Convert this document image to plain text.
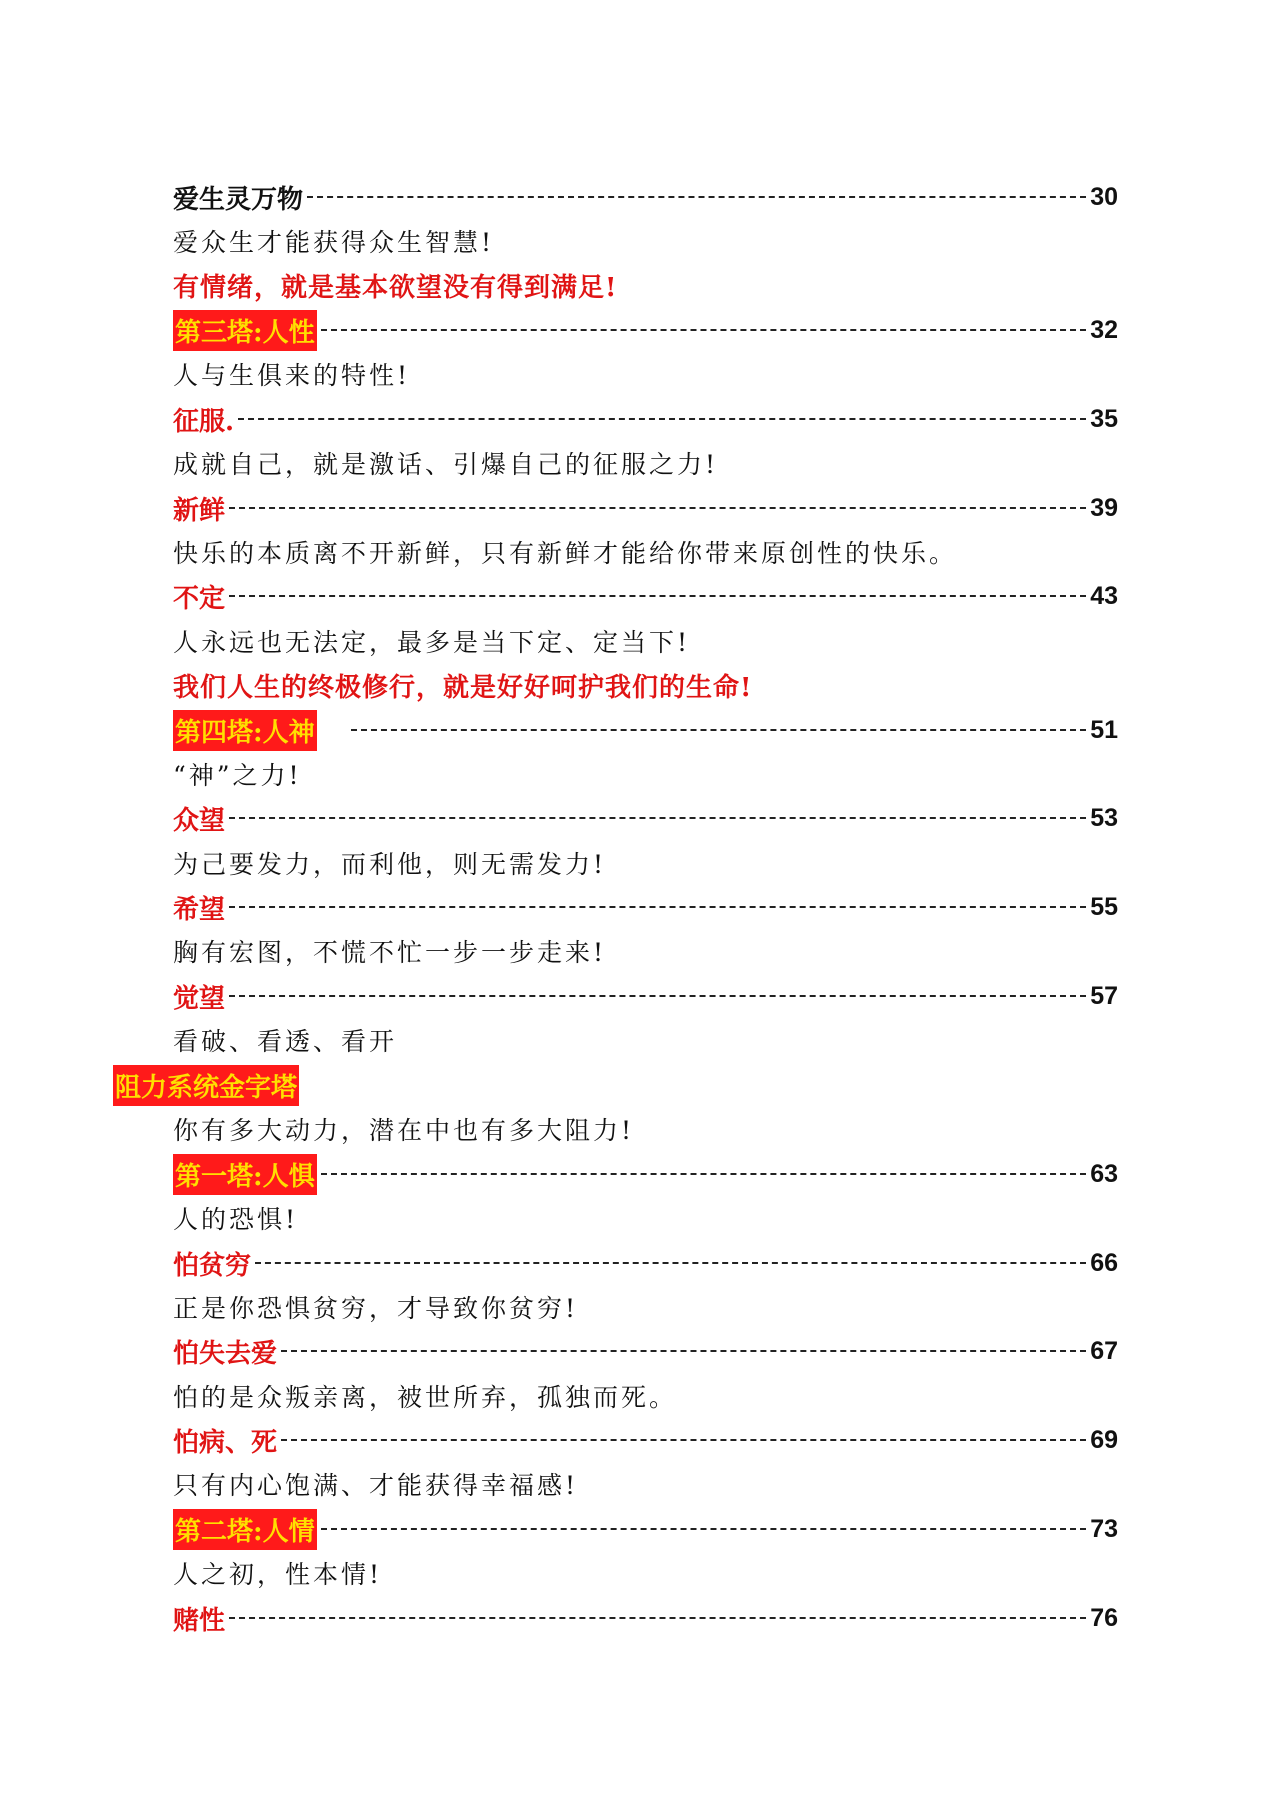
爱生灵万物	30
爱众生才能获得众生智慧!
有情绪，就是基本欲望没有得到满足!
第三塔:人性	32
人与生俱来的特性!
征服.	35
成就自己，就是激话、引爆自己的征服之力!
新鲜	39
快乐的本质离不开新鲜，只有新鲜才能给你带来原创性的快乐。
不定	43
人永远也无法定，最多是当下定、定当下!
我们人生的终极修行，就是好好呵护我们的生命!
第四塔:人神	51
“神”之力!
众望	53
为己要发力，而利他，则无需发力!
希望	55
胸有宏图，不慌不忙一步一步走来!
觉望	57
看破、看透、看开
阻力系统金字塔
你有多大动力，潜在中也有多大阻力!
第一塔:人惧	63
人的恐惧!
怕贫穷	66
正是你恐惧贫穷，才导致你贫穷!
怕失去爱	67
怕的是众叛亲离，被世所弃，孤独而死。
怕病、死	69
只有内心饱满、才能获得幸福感!
第二塔:人情	73
人之初，性本情!
赌性	76
